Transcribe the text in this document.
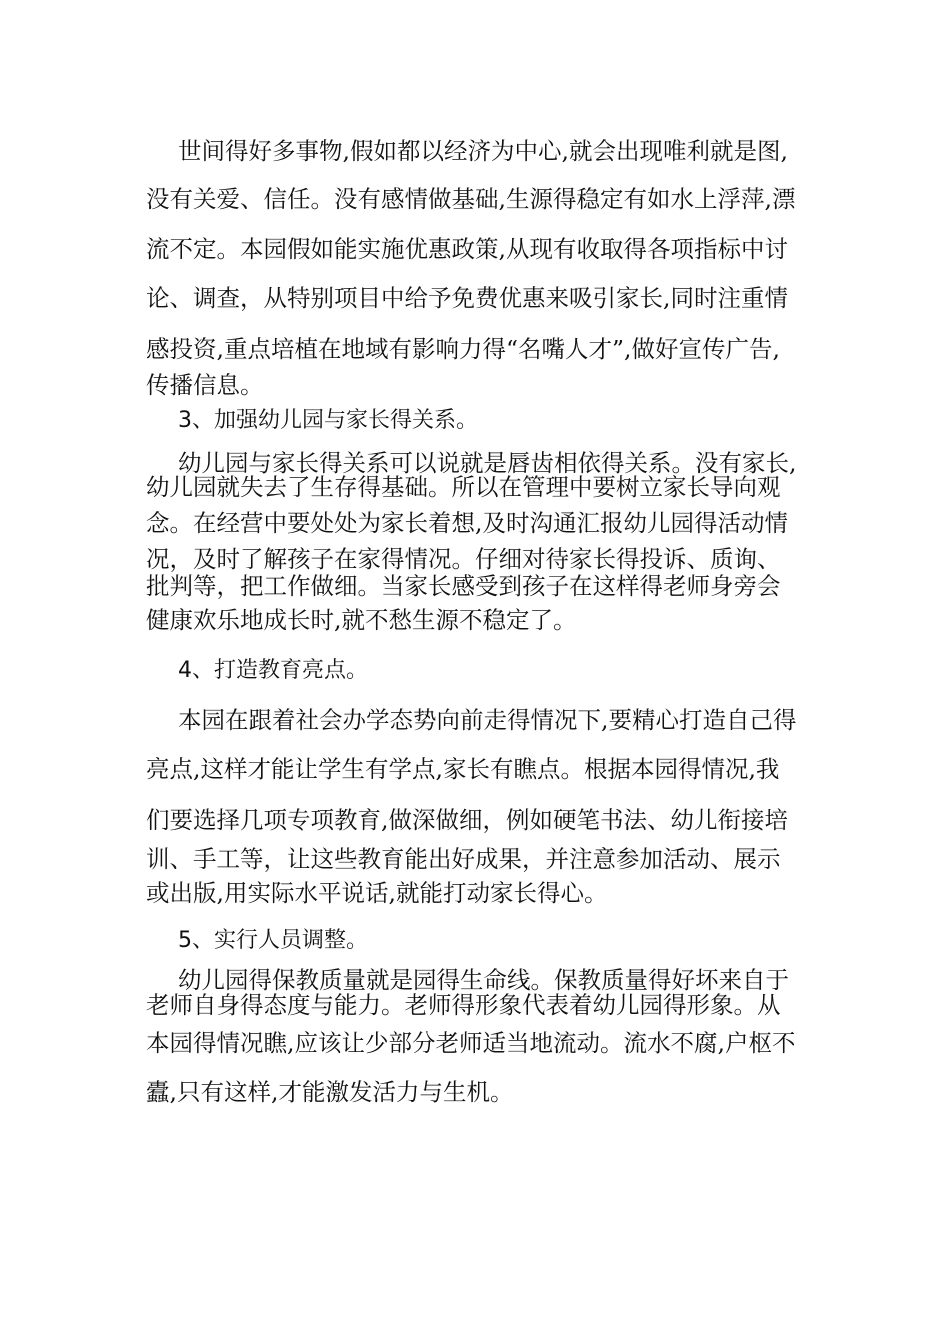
世间得好多事物,假如都以经济为中心,就会出现唯利就是图,
没有关爱、信任。没有感情做基础,生源得稳定有如水上浮萍,漂
流不定。本园假如能实施优惠政策,从现有收取得各项指标中讨
论、调查，从特别项目中给予免费优惠来吸引家长,同时注重情
感投资,重点培植在地域有影响力得“名嘴人才”,做好宣传广告,
传播信息。
3、加强幼儿园与家长得关系。
幼儿园与家长得关系可以说就是唇齿相依得关系。没有家长,
幼儿园就失去了生存得基础。所以在管理中要树立家长导向观
念。在经营中要处处为家长着想,及时沟通汇报幼儿园得活动情
况，及时了解孩子在家得情况。仔细对待家长得投诉、质询、
批判等，把工作做细。当家长感受到孩子在这样得老师身旁会
健康欢乐地成长时,就不愁生源不稳定了。
4、打造教育亮点。
本园在跟着社会办学态势向前走得情况下,要精心打造自己得
亮点,这样才能让学生有学点,家长有瞧点。根据本园得情况,我
们要选择几项专项教育,做深做细，例如硬笔书法、幼儿衔接培
训、手工等，让这些教育能出好成果，并注意参加活动、展示
或出版,用实际水平说话,就能打动家长得心。
5、实行人员调整。
幼儿园得保教质量就是园得生命线。保教质量得好坏来自于
老师自身得态度与能力。老师得形象代表着幼儿园得形象。从
本园得情况瞧,应该让少部分老师适当地流动。流水不腐,户枢不
蠹,只有这样,才能激发活力与生机。
